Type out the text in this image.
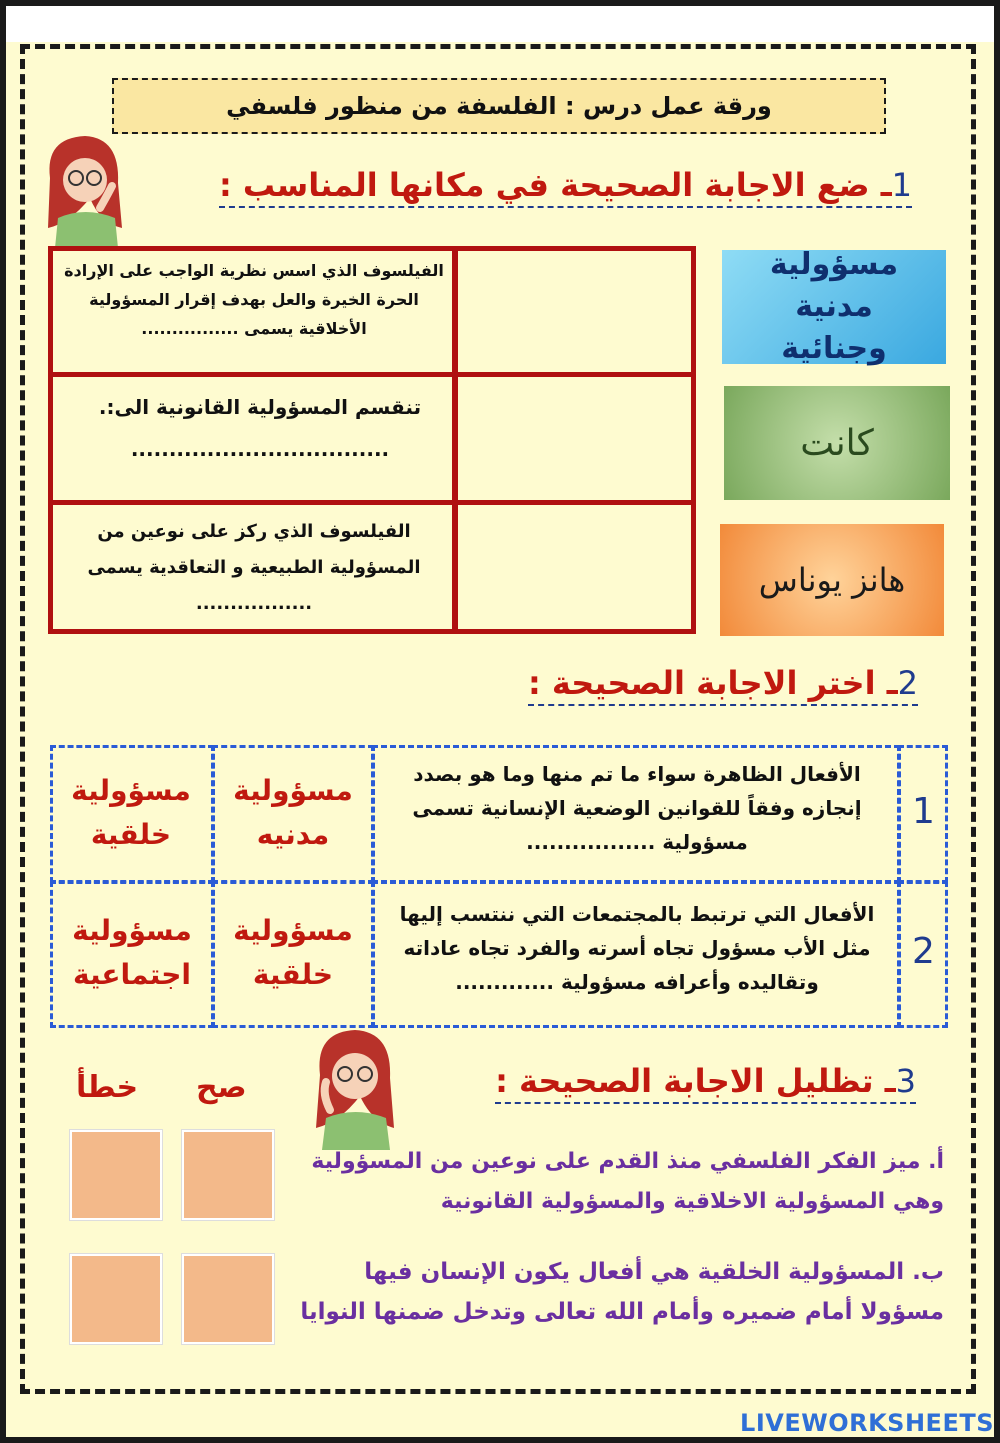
ورقة عمل درس : الفلسفة من منظور فلسفي
1ـ ضع الاجابة الصحيحة في مكانها المناسب :
الفيلسوف الذي اسس نظرية الواجب على الإرادة الحرة الخيرة والعل بهدف إقرار المسؤولية الأخلاقية يسمى ................
تنقسم المسؤولية القانونية الى:. ..................................
الفيلسوف الذي ركز على نوعين من المسؤولية الطبيعية و التعاقدية يسمى .................
مسؤولية مدنية وجنائية
كانت
هانز يوناس
2ـ اختر الاجابة الصحيحة :
1
2
الأفعال الظاهرة سواء ما تم منها وما هو بصدد إنجازه وفقاً للقوانين الوضعية الإنسانية تسمى مسؤولية .................
الأفعال التي ترتبط بالمجتمعات التي ننتسب إليها مثل الأب مسؤول تجاه أسرته والفرد تجاه عاداته وتقاليده وأعرافه مسؤولية .............
مسؤولية مدنيه
مسؤولية خلقية
مسؤولية خلقية
مسؤولية اجتماعية
3ـ تظليل الاجابة الصحيحة :
صح
خطأ
أ. ميز الفكر الفلسفي منذ القدم على نوعين من المسؤولية وهي المسؤولية الاخلاقية والمسؤولية القانونية
ب. المسؤولية الخلقية هي أفعال يكون الإنسان فيها مسؤولا أمام ضميره وأمام الله تعالى وتدخل ضمنها النوايا
LIVEWORKSHEETS
